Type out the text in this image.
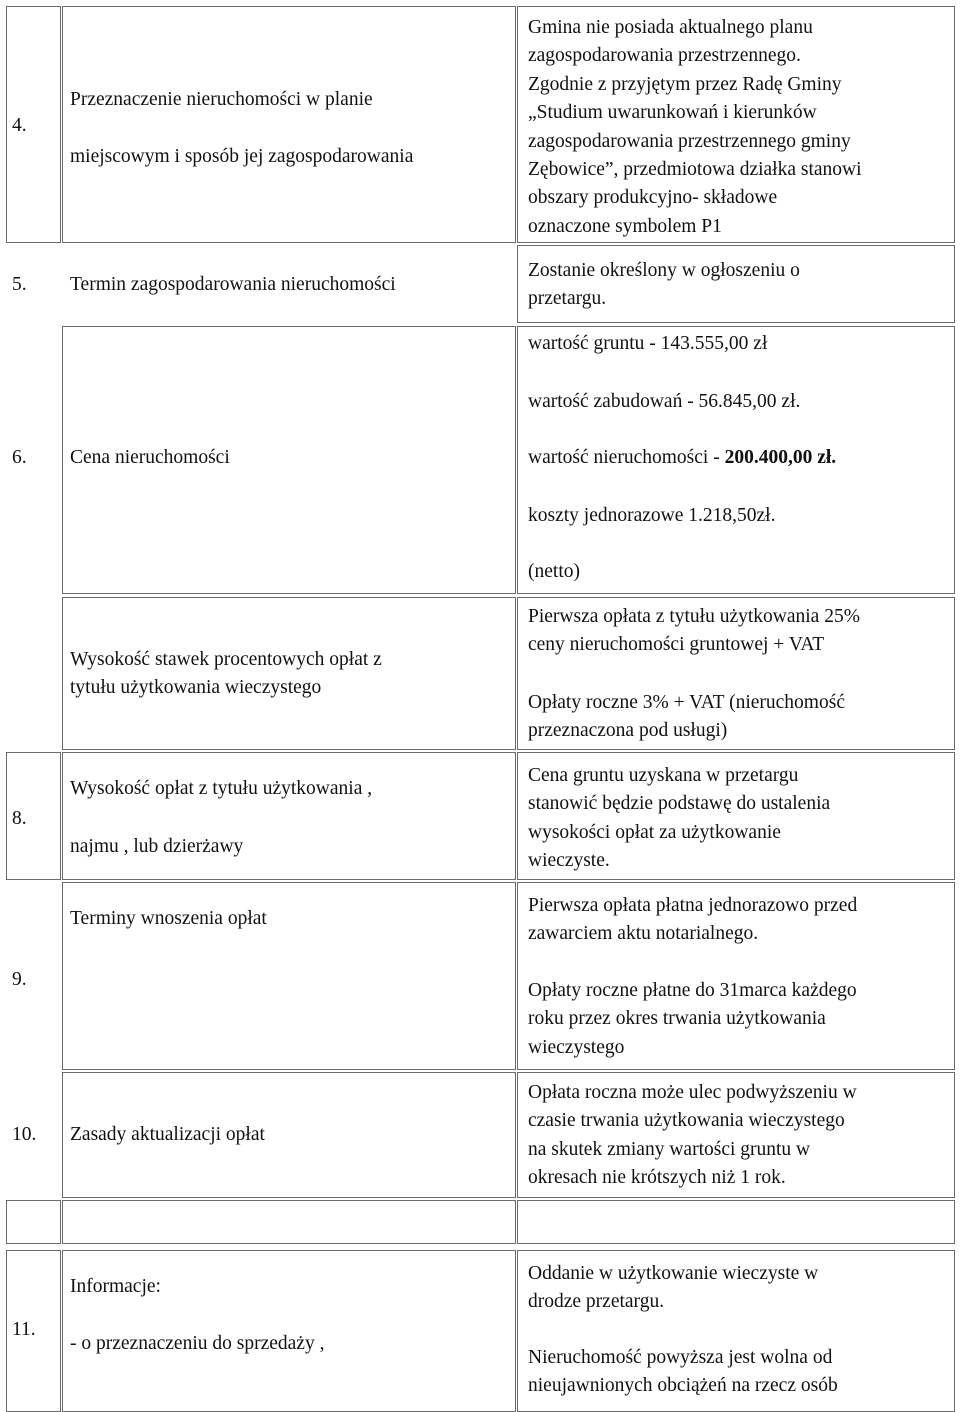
4.
Przeznaczenie nieruchomości w planie
miejscowym i sposób jej zagospodarowania
Gmina nie posiada aktualnego planu
zagospodarowania przestrzennego.
Zgodnie z przyjętym przez Radę Gminy
„Studium uwarunkowań i kierunków
zagospodarowania przestrzennego gminy
Zębowice”, przedmiotowa działka stanowi
obszary produkcyjno- składowe
oznaczone symbolem P1
5. Termin zagospodarowania nieruchomości
Zostanie określony w ogłoszeniu o
przetargu.
6. Cena nieruchomości
wartość gruntu - 143.555,00 zł
wartość zabudowań - 56.845,00 zł.
wartość nieruchomości - 200.400,00 zł.
koszty jednorazowe 1.218,50zł.
(netto)
Wysokość stawek procentowych opłat z
tytułu użytkowania wieczystego
Pierwsza opłata z tytułu użytkowania 25%
ceny nieruchomości gruntowej + VAT
Opłaty roczne 3% + VAT (nieruchomość
przeznaczona pod usługi)
8.
Wysokość opłat z tytułu użytkowania ,
najmu , lub dzierżawy
Cena gruntu uzyskana w przetargu
stanowić będzie podstawę do ustalenia
wysokości opłat za użytkowanie
wieczyste.
9.
Terminy wnoszenia opłat
Pierwsza opłata płatna jednorazowo przed
zawarciem aktu notarialnego.
Opłaty roczne płatne do 31marca każdego
roku przez okres trwania użytkowania
wieczystego
10. Zasady aktualizacji opłat
Opłata roczna może ulec podwyższeniu w
czasie trwania użytkowania wieczystego
na skutek zmiany wartości gruntu w
okresach nie krótszych niż 1 rok.
11.
Informacje:
- o przeznaczeniu do sprzedaży ,
Oddanie w użytkowanie wieczyste w
drodze przetargu.
Nieruchomość powyższa jest wolna od
nieujawnionych obciążeń na rzecz osób
